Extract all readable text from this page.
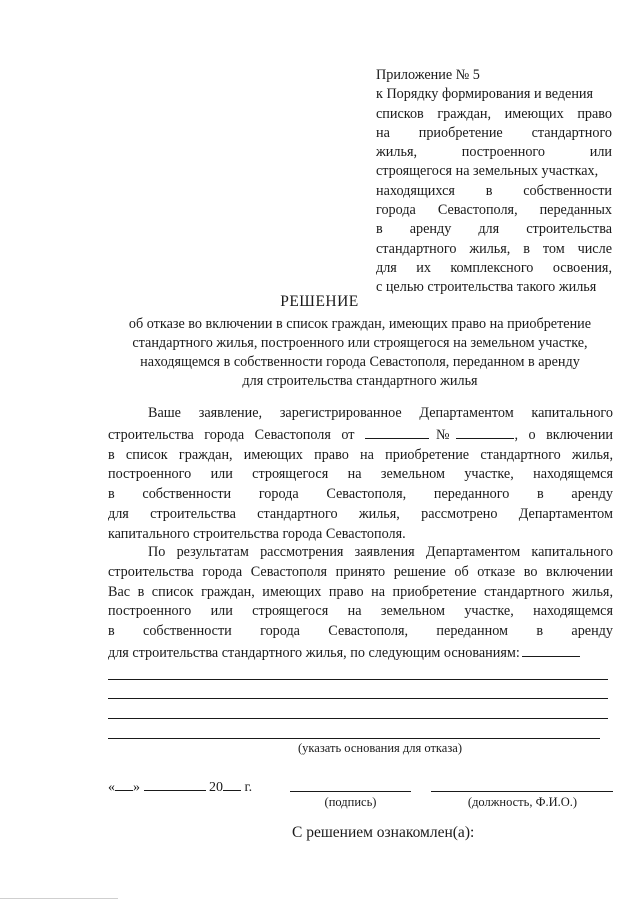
Приложение № 5
к Порядку формирования и ведения
списков граждан, имеющих право
на приобретение стандартного
жилья, построенного или
строящегося на земельных участках,
находящихся в собственности
города Севастополя, переданных
в аренду для строительства
стандартного жилья, в том числе
для их комплексного освоения,
с целью строительства такого жилья
РЕШЕНИЕ
об отказе во включении в список граждан, имеющих право на приобретение
стандартного жилья, построенного или строящегося на земельном участке,
находящемся в собственности города Севастополя, переданном в аренду
для строительства стандартного жилья
Ваше заявление, зарегистрированное Департаментом капитального
строительства города Севастополя от	№	, о включении
в список граждан, имеющих право на приобретение стандартного жилья,
построенного или строящегося на земельном участке, находящемся
в собственности города Севастополя, переданного в аренду
для строительства стандартного жилья, рассмотрено Департаментом
капитального строительства города Севастополя.
По результатам рассмотрения заявления Департаментом капитального
строительства города Севастополя принято решение об отказе во включении
Вас в список граждан, имеющих право на приобретение стандартного жилья,
построенного или строящегося на земельном участке, находящемся
в собственности города Севастополя, переданном в аренду
для строительства стандартного жилья, по следующим основаниям:
(указать основания для отказа)
« »	20 г.
(подпись)	(должность, Ф.И.О.)
С решением ознакомлен(а):
